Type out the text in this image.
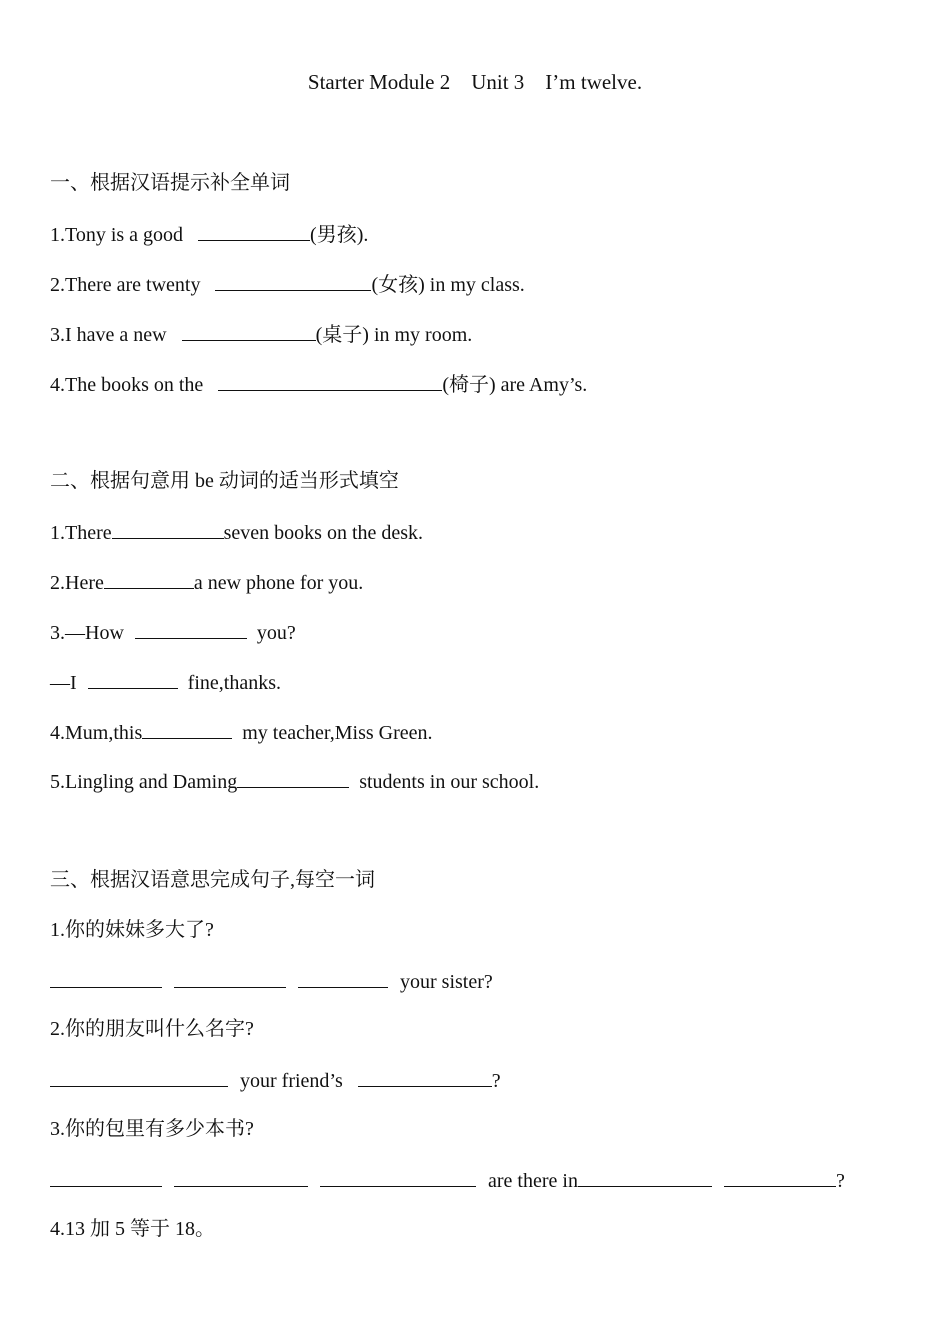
Starter Module 2    Unit 3    I’m twelve.
一、根据汉语提示补全单词
1.Tony is a good	(男孩).
2.There are twenty	(女孩) in my class.
3.I have a new	(桌子) in my room.
4.The books on the	(椅子) are Amy’s.
二、根据句意用 be 动词的适当形式填空
1.There	seven books on the desk.
2.Here	a new phone for you.
3.—How	you?
—I	fine,thanks.
4.Mum,this	my teacher,Miss Green.
5.Lingling and Daming	students in our school.
三、根据汉语意思完成句子,每空一词
1.你的妹妹多大了?
your sister?
2.你的朋友叫什么名字?
your friend’s	?
3.你的包里有多少本书?
are there in	?
4.13 加 5 等于 18。
